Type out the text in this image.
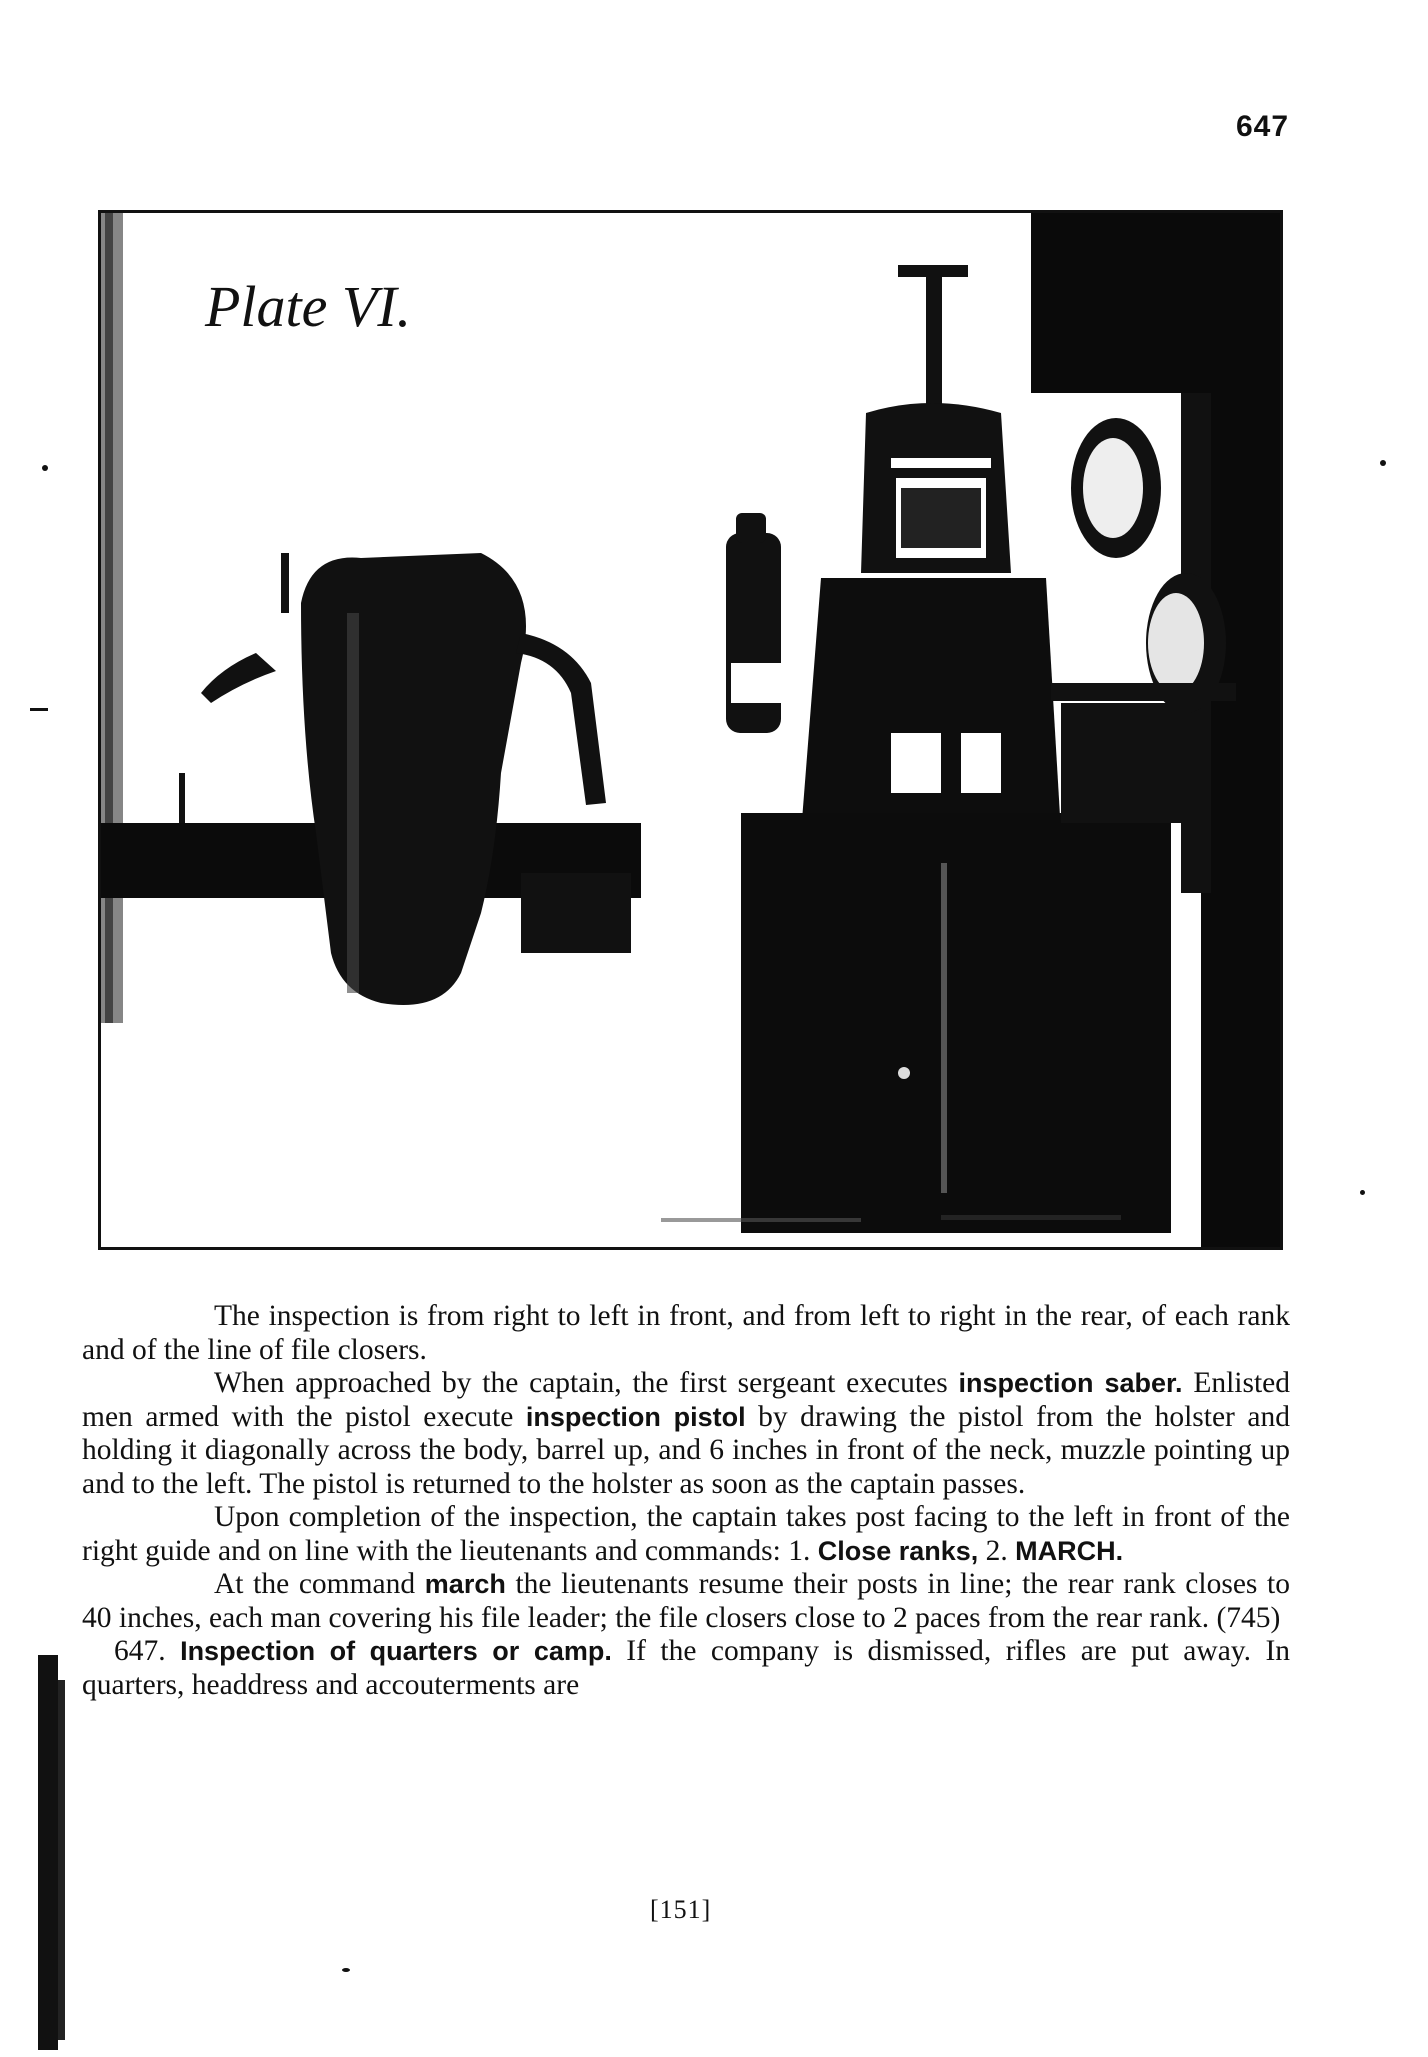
647
Plate VI.

The inspection is from right to left in front, and from left to right in the rear, of each rank and of the line of file closers.

When approached by the captain, the first sergeant executes inspection saber. Enlisted men armed with the pistol execute inspection pistol by drawing the pistol from the holster and holding it diagonally across the body, barrel up, and 6 inches in front of the neck, muzzle pointing up and to the left. The pistol is returned to the holster as soon as the captain passes.

Upon completion of the inspection, the captain takes post facing to the left in front of the right guide and on line with the lieutenants and commands: 1. Close ranks, 2. MARCH.

At the command march the lieutenants resume their posts in line; the rear rank closes to 40 inches, each man covering his file leader; the file closers close to 2 paces from the rear rank. (745)

647. Inspection of quarters or camp. If the company is dismissed, rifles are put away. In quarters, headdress and accouterments are

[151]
